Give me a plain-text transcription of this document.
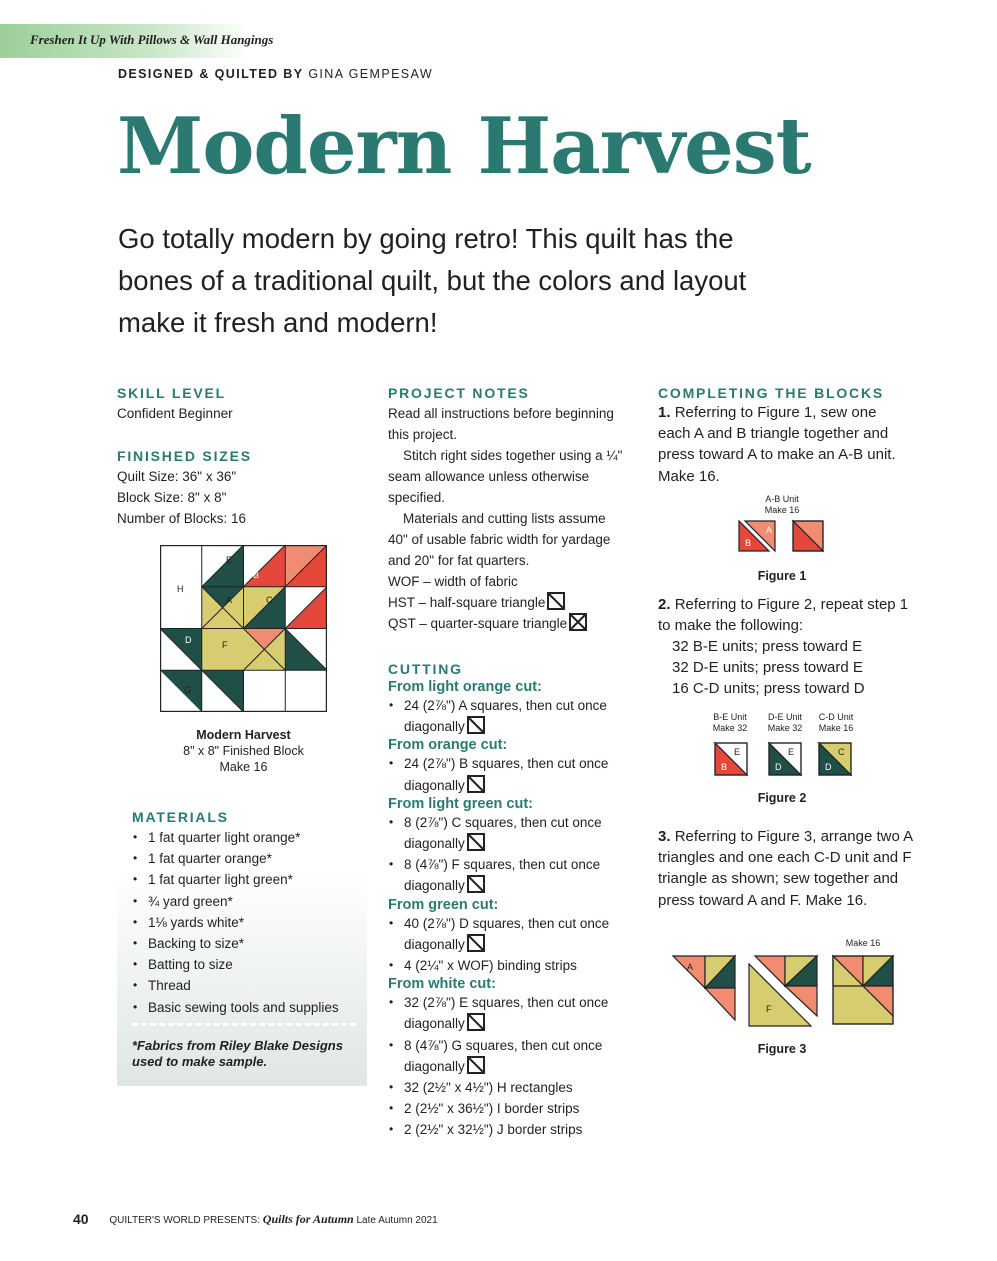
Freshen It Up With Pillows & Wall Hangings
DESIGNED & QUILTED BY GINA GEMPESAW
Modern Harvest
Go totally modern by going retro! This quilt has the bones of a traditional quilt, but the colors and layout make it fresh and modern!
SKILL LEVEL
Confident Beginner
FINISHED SIZES

Quilt Size: 36" x 36"

Block Size: 8" x 8"

Number of Blocks: 16

E
B
H
A	C
D	F
G
Modern Harvest
8" x 8" Finished Block
Make 16
MATERIALS
• 1 fat quarter light orange*
• 1 fat quarter orange*
• 1 fat quarter light green*
• ¾ yard green*
• 1⅛ yards white*
• Backing to size*
• Batting to size
• Thread
• Basic sewing tools and supplies
*Fabrics from Riley Blake Designs used to make sample.
PROJECT NOTES

Read all instructions before beginning this project.

Stitch right sides together using a ¼" seam allowance unless otherwise specified.

Materials and cutting lists assume 40" of usable fabric width for yardage and 20" for fat quarters.

WOF – width of fabric

HST – half-square triangle

QST – quarter-square triangle

CUTTING
From light orange cut:
• 24 (2⅞") A squares, then cut once
diagonally
From orange cut:
• 24 (2⅞") B squares, then cut once
diagonally
From light green cut:
• 8 (2⅞") C squares, then cut once
diagonally
• 8 (4⅞") F squares, then cut once
diagonally
From green cut:
• 40 (2⅞") D squares, then cut once
diagonally
• 4 (2¼" x WOF) binding strips
From white cut:
• 32 (2⅞") E squares, then cut once
diagonally
• 8 (4⅞") G squares, then cut once
diagonally
• 32 (2½" x 4½") H rectangles
• 2 (2½" x 36½") I border strips
• 2 (2½" x 32½") J border strips
COMPLETING THE BLOCKS
1. Referring to Figure 1, sew one each A and B triangle together and press toward A to make an A-B unit. Make 16.
A-B Unit
Make 16
B
A
Figure 1
2. Referring to Figure 2, repeat step 1 to make the following:
32 B-E units; press toward E
32 D-E units; press toward E
16 C-D units; press toward D
B-E Unit
Make 32
D-E Unit
Make 32
C-D Unit
Make 16
E
B
E
D
C
D
Figure 2
3. Referring to Figure 3, arrange two A triangles and one each C-D unit and F triangle as shown; sew together and press toward A and F. Make 16.
Make 16
A
F
Figure 3
40 QUILTER'S WORLD PRESENTS: Quilts for Autumn Late Autumn 2021
